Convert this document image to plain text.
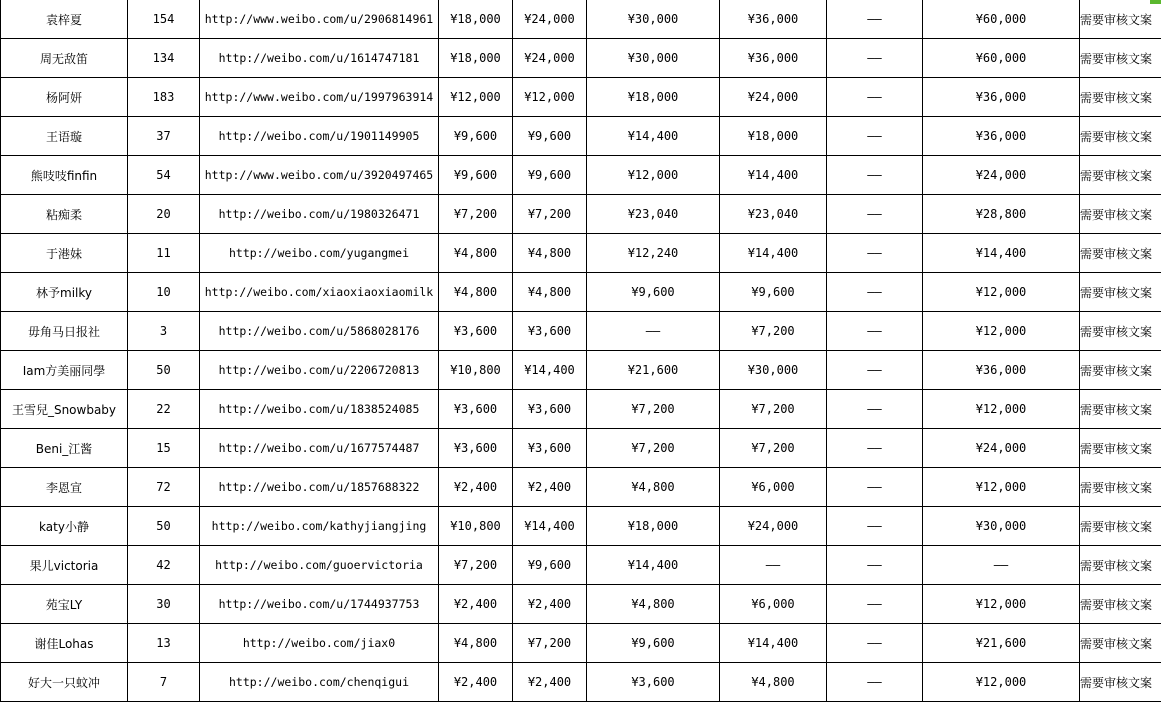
袁梓夏	154	http://www.weibo.com/u/2906814961	¥18,000	¥24,000	¥30,000	¥36,000	——	¥60,000	需要审核文案
周无敌笛	134	http://weibo.com/u/1614747181	¥18,000	¥24,000	¥30,000	¥36,000	——	¥60,000	需要审核文案
杨阿妍	183	http://www.weibo.com/u/1997963914	¥12,000	¥12,000	¥18,000	¥24,000	——	¥36,000	需要审核文案
王语璇	37	http://weibo.com/u/1901149905	¥9,600	¥9,600	¥14,400	¥18,000	——	¥36,000	需要审核文案
熊吱吱finfin	54	http://www.weibo.com/u/3920497465	¥9,600	¥9,600	¥12,000	¥14,400	——	¥24,000	需要审核文案
粘痴柔	20	http://weibo.com/u/1980326471	¥7,200	¥7,200	¥23,040	¥23,040	——	¥28,800	需要审核文案
于港妹	11	http://weibo.com/yugangmei	¥4,800	¥4,800	¥12,240	¥14,400	——	¥14,400	需要审核文案
林予milky	10	http://weibo.com/xiaoxiaoxiaomilk	¥4,800	¥4,800	¥9,600	¥9,600	——	¥12,000	需要审核文案
毋角马日报社	3	http://weibo.com/u/5868028176	¥3,600	¥3,600	——	¥7,200	——	¥12,000	需要审核文案
Iam方美丽同學	50	http://weibo.com/u/2206720813	¥10,800	¥14,400	¥21,600	¥30,000	——	¥36,000	需要审核文案
王雪兒_Snowbaby	22	http://weibo.com/u/1838524085	¥3,600	¥3,600	¥7,200	¥7,200	——	¥12,000	需要审核文案
Beni_江酱	15	http://weibo.com/u/1677574487	¥3,600	¥3,600	¥7,200	¥7,200	——	¥24,000	需要审核文案
李恩宣	72	http://weibo.com/u/1857688322	¥2,400	¥2,400	¥4,800	¥6,000	——	¥12,000	需要审核文案
katy小静	50	http://weibo.com/kathyjiangjing	¥10,800	¥14,400	¥18,000	¥24,000	——	¥30,000	需要审核文案
果儿victoria	42	http://weibo.com/guoervictoria	¥7,200	¥9,600	¥14,400	——	——	——	需要审核文案
苑宝LY	30	http://weibo.com/u/1744937753	¥2,400	¥2,400	¥4,800	¥6,000	——	¥12,000	需要审核文案
谢佳Lohas	13	http://weibo.com/jiax0	¥4,800	¥7,200	¥9,600	¥14,400	——	¥21,600	需要审核文案
好大一只蚊冲	7	http://weibo.com/chenqigui	¥2,400	¥2,400	¥3,600	¥4,800	——	¥12,000	需要审核文案
